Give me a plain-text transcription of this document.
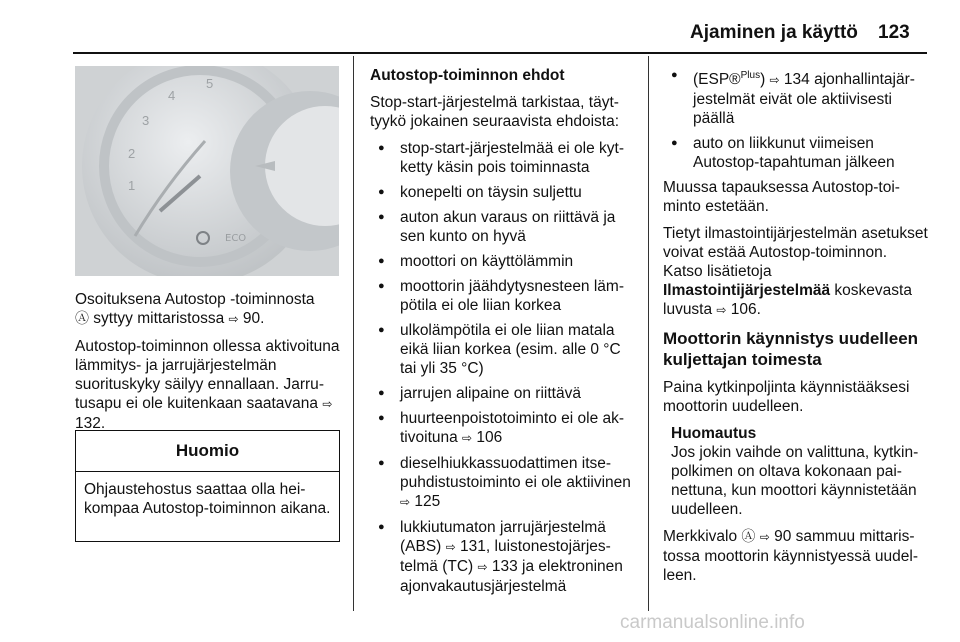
Ajaminen ja käyttö 123
ECO
5
4
3
2
1

Osoituksena Autostop -toiminnosta
Ⓐ syttyy mittaristossa ⇨ 90.

Autostop-toiminnon ollessa aktivoituna lämmitys- ja jarrujärjestelmän suorituskyky säilyy ennallaan. Jarrutusapu ei ole kuitenkaan saatavana ⇨ 132.

Huomio
Ohjaustehostus saattaa olla heikompaa Autostop-toiminnon aikana.

Autostop-toiminnon ehdot

Stop-start-järjestelmä tarkistaa, täyttyykö jokainen seuraavista ehdoista:

● stop-start-järjestelmää ei ole kytketty käsin pois toiminnasta
● konepelti on täysin suljettu
● auton akun varaus on riittävä ja sen kunto on hyvä
● moottori on käyttölämmin
● moottorin jäähdytysnesteen lämpötila ei ole liian korkea
● ulkolämpötila ei ole liian matala eikä liian korkea (esim. alle 0 °C tai yli 35 °C)
● jarrujen alipaine on riittävä
● huurteenpoistotoiminto ei ole aktivoituna ⇨ 106
● dieselhiukkassuodattimen itsepuhdistustoiminto ei ole aktiivinen ⇨ 125
● lukkiutumaton jarrujärjestelmä (ABS) ⇨ 131, luistonestojärjestelmä (TC) ⇨ 133 ja elektroninen ajonvakautusjärjestelmä
● (ESP®$^{Plus}$) ⇨ 134 ajonhallintajärjestelmät eivät ole aktiivisesti päällä
● auto on liikkunut viimeisen Autostop-tapahtuman jälkeen

Muussa tapauksessa Autostop-toiminto estetään.

Tietyt ilmastointijärjestelmän asetukset voivat estää Autostop-toiminnon. Katso lisätietoja
Ilmastointijärjestelmää koskevasta luvusta ⇨ 106.

Moottorin käynnistys uudelleen kuljettajan toimesta

Paina kytkinpoljinta käynnistääksesi moottorin uudelleen.

Huomautus
Jos jokin vaihde on valittuna, kytkinpolkimen on oltava kokonaan painettuna, kun moottori käynnistetään uudelleen.

Merkkivalo Ⓐ ⇨ 90 sammuu mittaristossa moottorin käynnistyessä uudelleen.

carmanualsonline.info
